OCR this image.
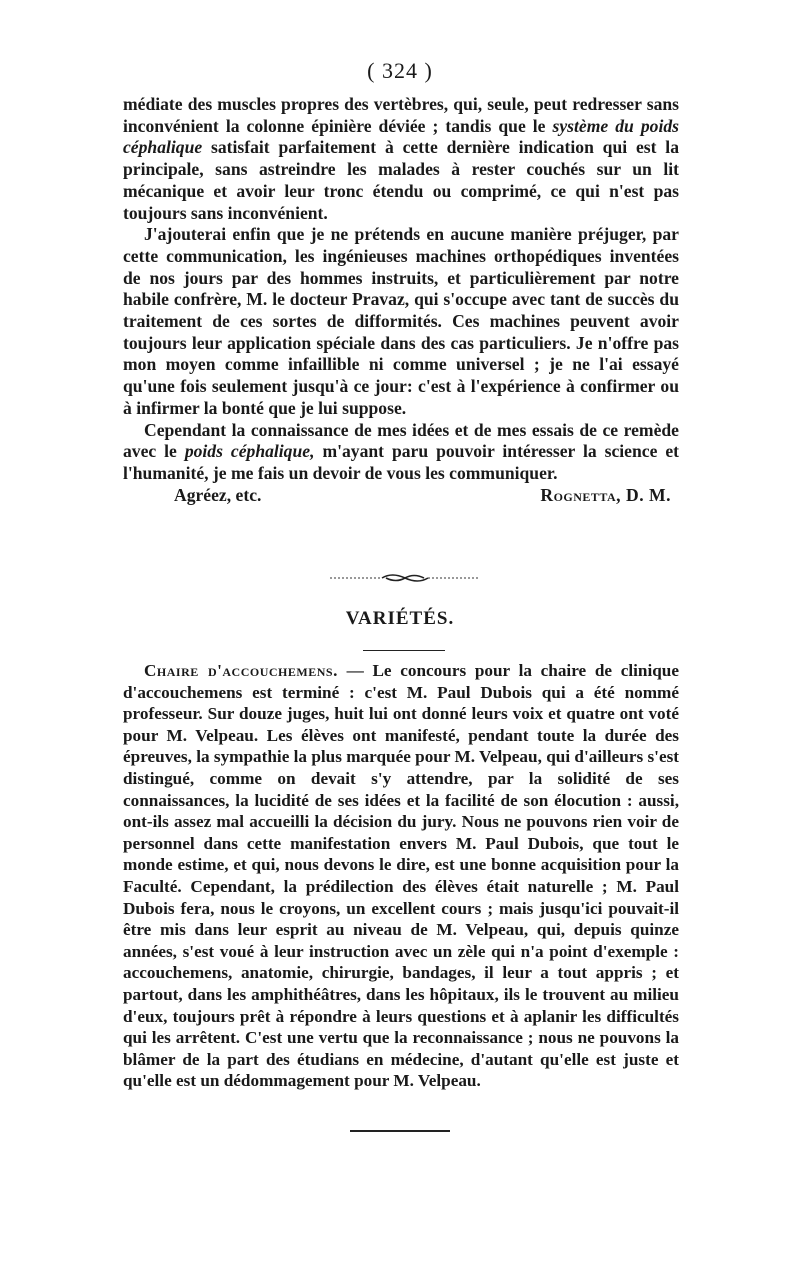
( 324 )

médiate des muscles propres des vertèbres, qui, seule, peut redresser sans inconvénient la colonne épinière déviée ; tandis que le système du poids céphalique satisfait parfaitement à cette dernière indication qui est la principale, sans astreindre les malades à rester couchés sur un lit mécanique et avoir leur tronc étendu ou comprimé, ce qui n'est pas toujours sans inconvénient.

J'ajouterai enfin que je ne prétends en aucune manière préjuger, par cette communication, les ingénieuses machines orthopédiques inventées de nos jours par des hommes instruits, et particulièrement par notre habile confrère, M. le docteur Pravaz, qui s'occupe avec tant de succès du traitement de ces sortes de difformités. Ces machines peuvent avoir toujours leur application spéciale dans des cas particuliers. Je n'offre pas mon moyen comme infaillible ni comme universel ; je ne l'ai essayé qu'une fois seulement jusqu'à ce jour: c'est à l'expérience à confirmer ou à infirmer la bonté que je lui suppose.

Cependant la connaissance de mes idées et de mes essais de ce remède avec le poids céphalique, m'ayant paru pouvoir intéresser la science et l'humanité, je me fais un devoir de vous les communiquer.

Agréez, etc.	Rognetta, D. M.
VARIÉTÉS.

Chaire d'accouchemens. — Le concours pour la chaire de clinique d'accouchemens est terminé : c'est M. Paul Dubois qui a été nommé professeur. Sur douze juges, huit lui ont donné leurs voix et quatre ont voté pour M. Velpeau. Les élèves ont manifesté, pendant toute la durée des épreuves, la sympathie la plus marquée pour M. Velpeau, qui d'ailleurs s'est distingué, comme on devait s'y attendre, par la solidité de ses connaissances, la lucidité de ses idées et la facilité de son élocution : aussi, ont-ils assez mal accueilli la décision du jury. Nous ne pouvons rien voir de personnel dans cette manifestation envers M. Paul Dubois, que tout le monde estime, et qui, nous devons le dire, est une bonne acquisition pour la Faculté. Cependant, la prédilection des élèves était naturelle ; M. Paul Dubois fera, nous le croyons, un excellent cours ; mais jusqu'ici pouvait-il être mis dans leur esprit au niveau de M. Velpeau, qui, depuis quinze années, s'est voué à leur instruction avec un zèle qui n'a point d'exemple : accouchemens, anatomie, chirurgie, bandages, il leur a tout appris ; et partout, dans les amphithéâtres, dans les hôpitaux, ils le trouvent au milieu d'eux, toujours prêt à répondre à leurs questions et à aplanir les difficultés qui les arrêtent. C'est une vertu que la reconnaissance ; nous ne pouvons la blâmer de la part des étudians en médecine, d'autant qu'elle est juste et qu'elle est un dédommagement pour M. Velpeau.
